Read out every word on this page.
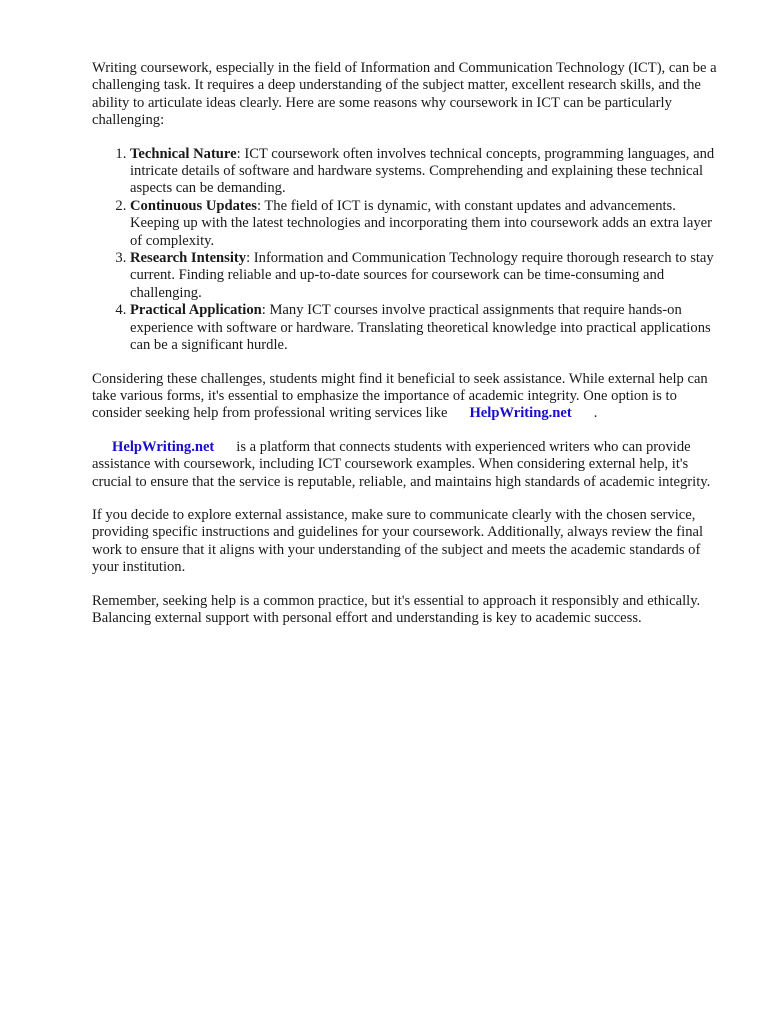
Writing coursework, especially in the field of Information and Communication Technology (ICT), can be a challenging task. It requires a deep understanding of the subject matter, excellent research skills, and the ability to articulate ideas clearly. Here are some reasons why coursework in ICT can be particularly challenging:

1. Technical Nature: ICT coursework often involves technical concepts, programming languages, and intricate details of software and hardware systems. Comprehending and explaining these technical aspects can be demanding.
2. Continuous Updates: The field of ICT is dynamic, with constant updates and advancements. Keeping up with the latest technologies and incorporating them into coursework adds an extra layer of complexity.
3. Research Intensity: Information and Communication Technology require thorough research to stay current. Finding reliable and up-to-date sources for coursework can be time-consuming and challenging.
4. Practical Application: Many ICT courses involve practical assignments that require hands-on experience with software or hardware. Translating theoretical knowledge into practical applications can be a significant hurdle.

Considering these challenges, students might find it beneficial to seek assistance. While external help can take various forms, it's essential to emphasize the importance of academic integrity. One option is to consider seeking help from professional writing services like HelpWriting.net .

HelpWriting.net is a platform that connects students with experienced writers who can provide assistance with coursework, including ICT coursework examples. When considering external help, it's crucial to ensure that the service is reputable, reliable, and maintains high standards of academic integrity.

If you decide to explore external assistance, make sure to communicate clearly with the chosen service, providing specific instructions and guidelines for your coursework. Additionally, always review the final work to ensure that it aligns with your understanding of the subject and meets the academic standards of your institution.

Remember, seeking help is a common practice, but it's essential to approach it responsibly and ethically. Balancing external support with personal effort and understanding is key to academic success.
